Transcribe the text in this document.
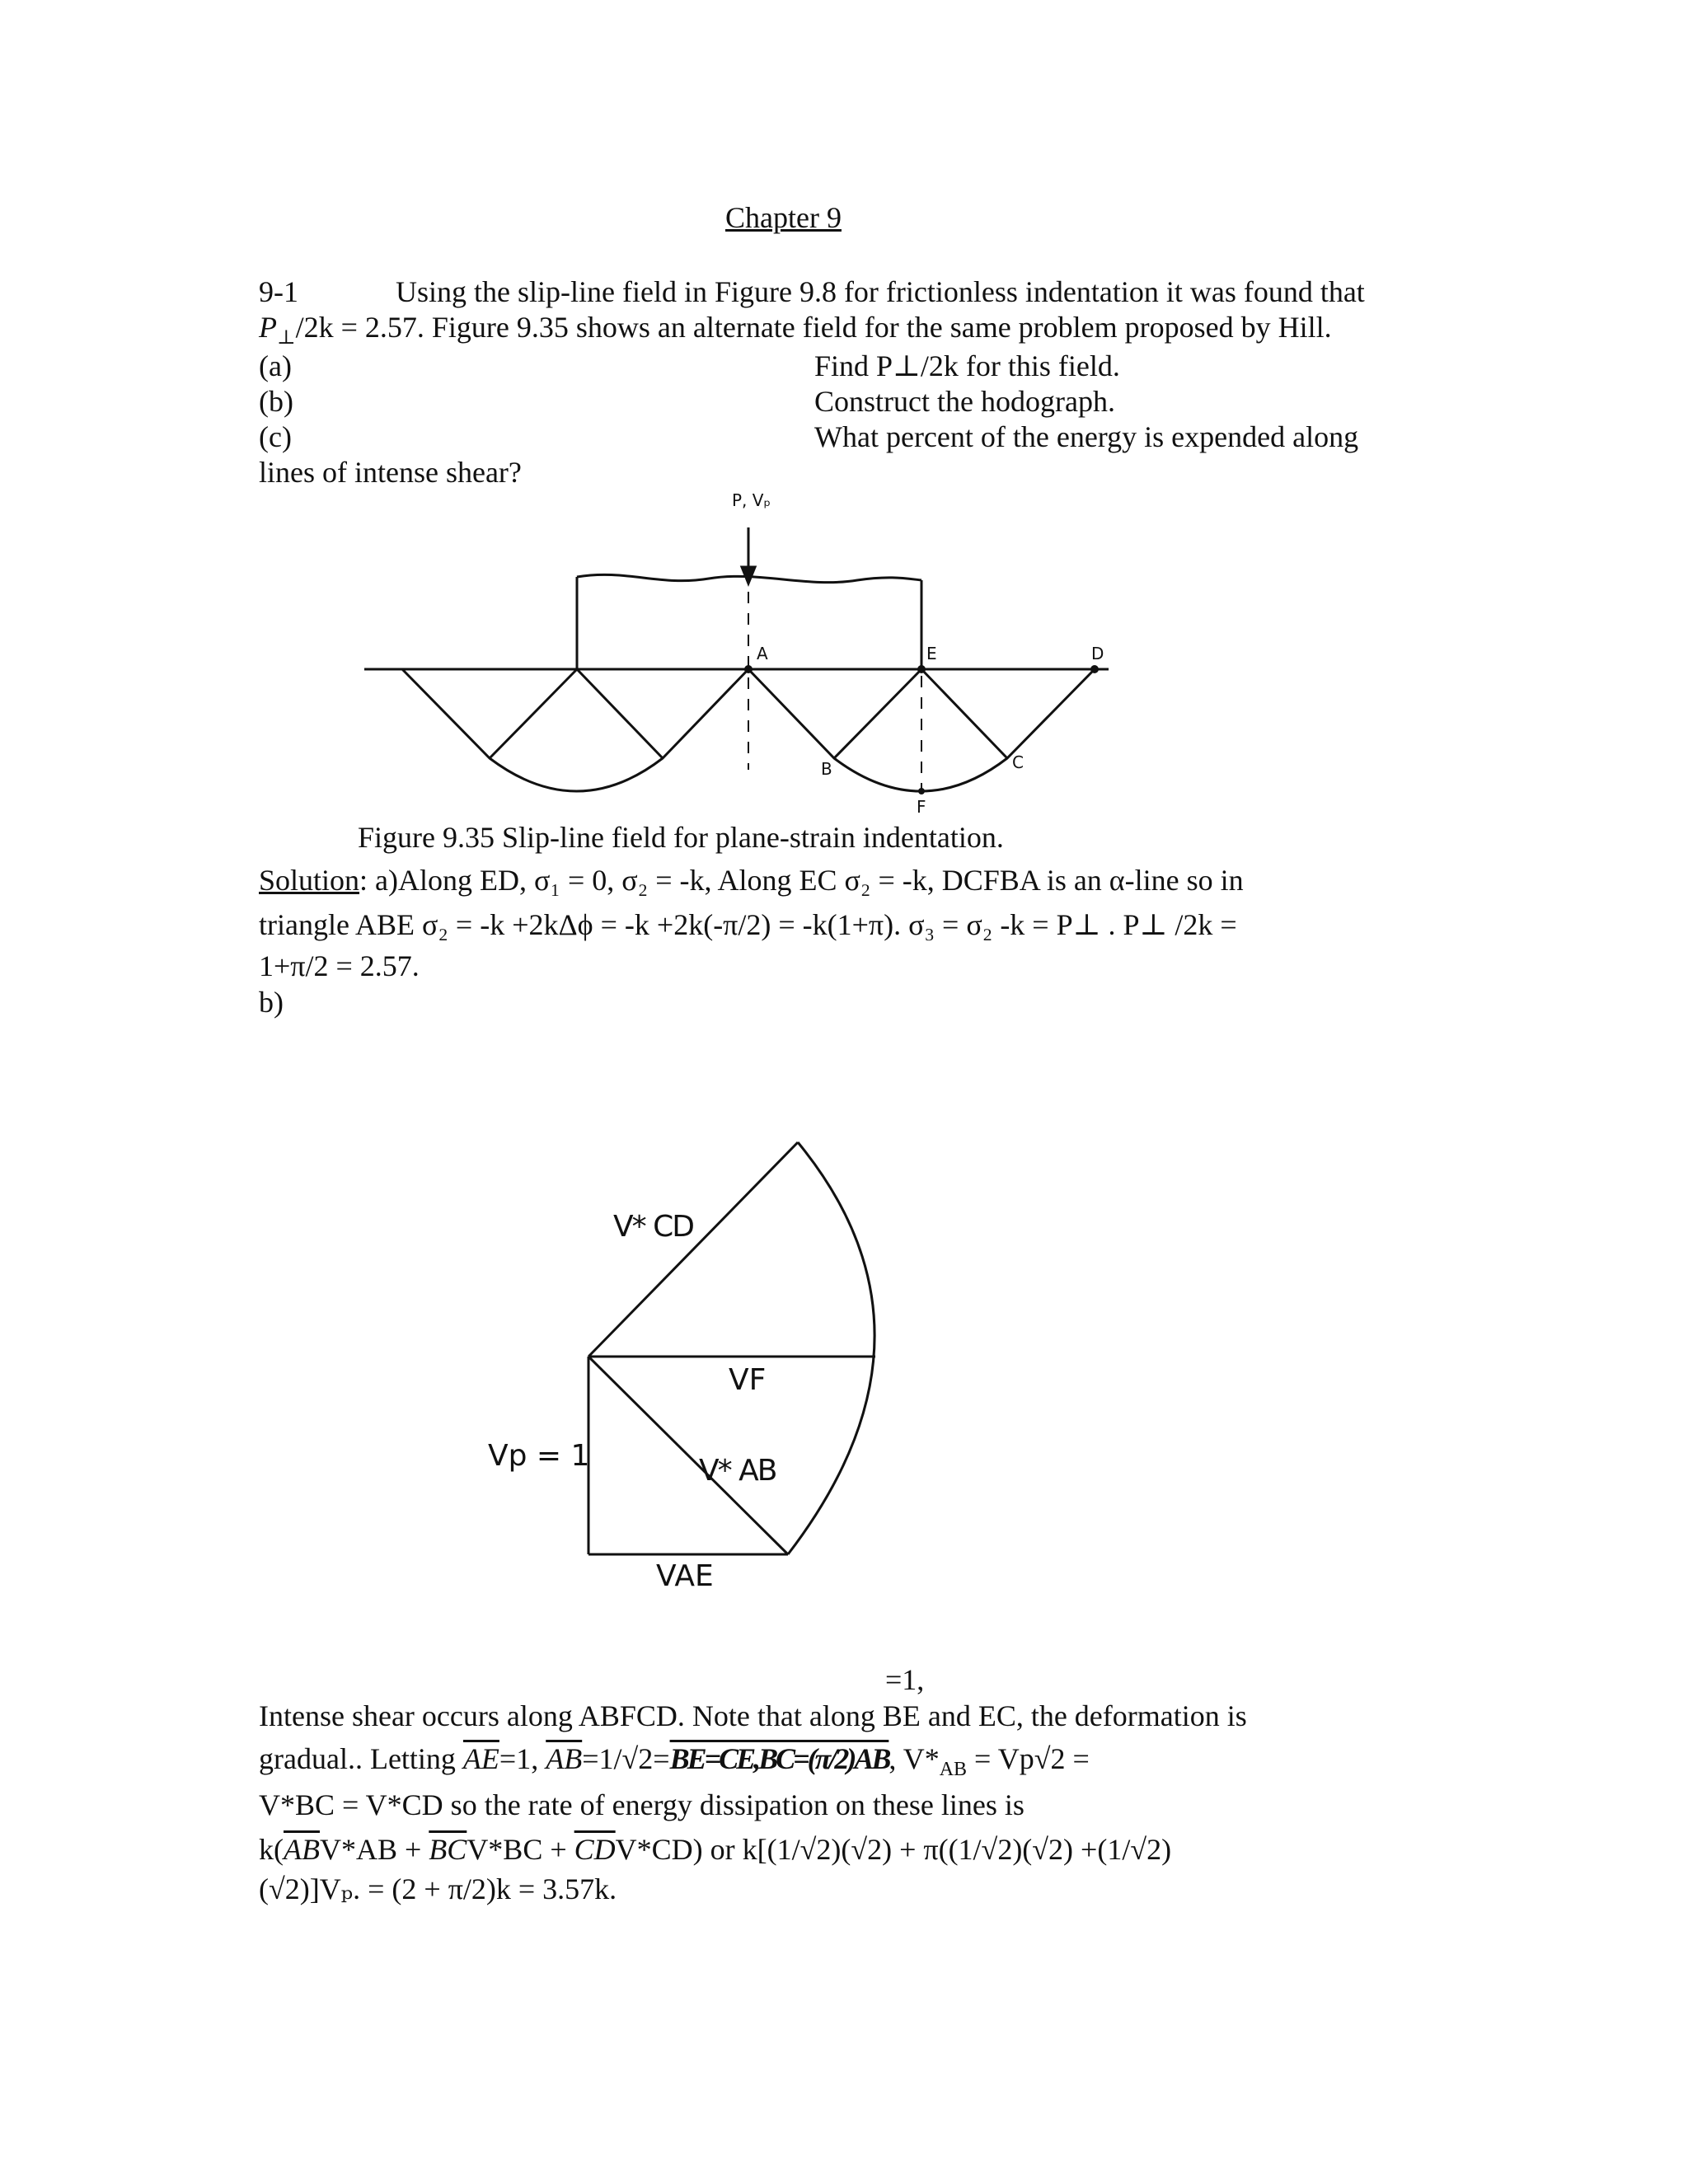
Chapter 9
9-1	Using the slip-line field in Figure 9.8 for frictionless indentation it was found that
$P_\perp/2k = 2.57$. Figure 9.35 shows an alternate field for the same problem proposed by Hill.
(a)	Find P⊥/2k for this field.
(b)	Construct the hodograph.
(c)	What percent of the energy is expended along
lines of intense shear?
P, Vₚ
A	E	D
B	C
F
Figure 9.35 Slip-line field for plane-strain indentation.
Solution: a)Along ED, σ₁ = 0, σ₂ = -k, Along EC σ₂ = -k, DCFBA is an α-line so in
triangle ABE σ₂ = -k +2kΔϕ = -k +2k(-π/2) = -k(1+π). σ₃ = σ₂ -k = P⊥ . P⊥ /2k =
1+π/2 = 2.57.
b)
V* CD
VF
Vp = 1	V* AB
VAE
=1,
Intense shear occurs along ABFCD. Note that along BE and EC, the deformation is
gradual.. Letting $\overline{AE}=1$, $\overline{AB}=1/√2=BE=CE,BC=(\pi/2)AB$, $V*_{AB} = Vp√2$ =
V*BC = V*CD so the rate of energy dissipation on these lines is
$k(\overline{AB}V*AB + \overline{BC}V*BC + \overline{CD}V*CD)$ or k[(1/√2)(√2) + π((1/√2)(√2) +(1/√2)
(√2)]Vₚ. = (2 + π/2)k = 3.57k.
